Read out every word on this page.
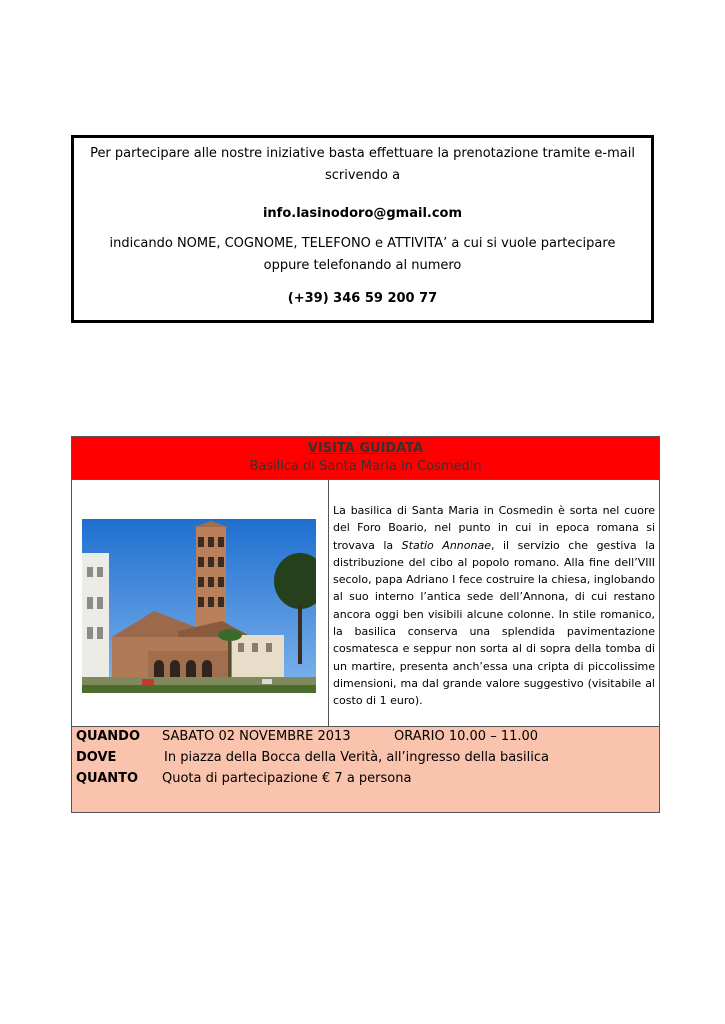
Per partecipare alle nostre iniziative basta effettuare la prenotazione tramite e-mail
scrivendo a

info.lasinodoro@gmail.com

indicando NOME, COGNOME, TELEFONO e ATTIVITA’ a cui si vuole partecipare
oppure telefonando al numero

(+39) 346 59 200 77

VISITA GUIDATA
Basilica di Santa Maria in Cosmedin
La basilica di Santa Maria in Cosmedin è sorta nel cuore del Foro Boario, nel punto in cui in epoca romana si trovava la Statio Annonae, il servizio che gestiva la distribuzione del cibo al popolo romano. Alla fine dell’VIII secolo, papa Adriano I fece costruire la chiesa, inglobando al suo interno l’antica sede dell’Annona, di cui restano ancora oggi ben visibili alcune colonne. In stile romanico, la basilica conserva una splendida pavimentazione cosmatesca e seppur non sorta al di sopra della tomba di un martire, presenta anch’essa una cripta di piccolissime dimensioni, ma dal grande valore suggestivo (visitabile al costo di 1 euro).
QUANDO SABATO 02 NOVEMBRE 2013	ORARIO 10.00 – 11.00
DOVE	In piazza della Bocca della Verità, all’ingresso della basilica
QUANTO Quota di partecipazione € 7 a persona
